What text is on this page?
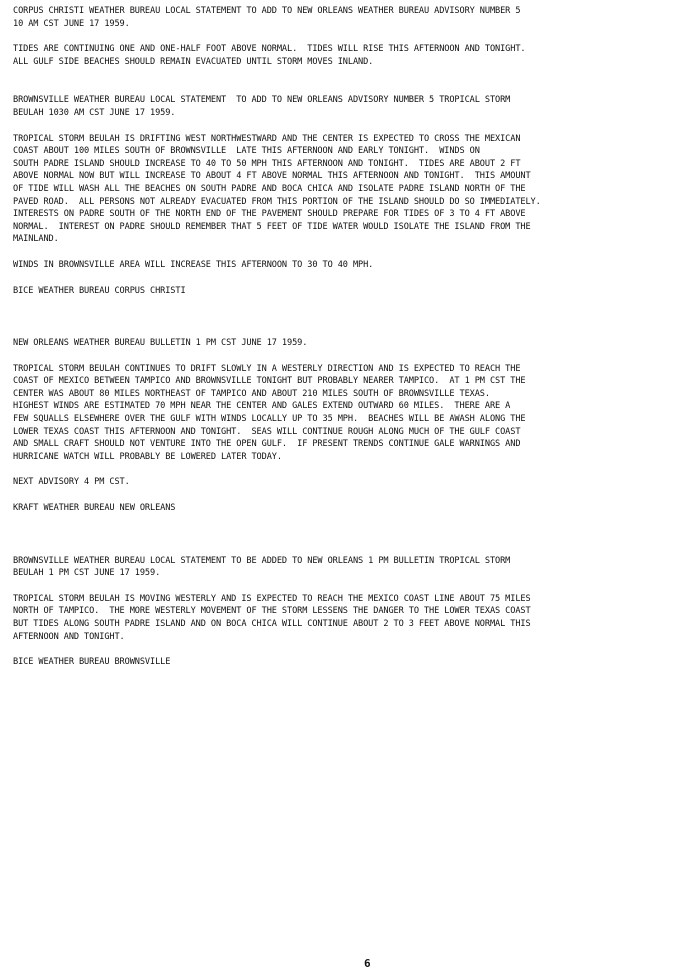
CORPUS CHRISTI WEATHER BUREAU LOCAL STATEMENT TO ADD TO NEW ORLEANS WEATHER BUREAU ADVISORY NUMBER 5

10 AM CST JUNE 17 1959.

TIDES ARE CONTINUING ONE AND ONE-HALF FOOT ABOVE NORMAL.  TIDES WILL RISE THIS AFTERNOON AND TONIGHT.

ALL GULF SIDE BEACHES SHOULD REMAIN EVACUATED UNTIL STORM MOVES INLAND.

BROWNSVILLE WEATHER BUREAU LOCAL STATEMENT  TO ADD TO NEW ORLEANS ADVISORY NUMBER 5 TROPICAL STORM

BEULAH 1030 AM CST JUNE 17 1959.

TROPICAL STORM BEULAH IS DRIFTING WEST NORTHWESTWARD AND THE CENTER IS EXPECTED TO CROSS THE MEXICAN

COAST ABOUT 100 MILES SOUTH OF BROWNSVILLE  LATE THIS AFTERNOON AND EARLY TONIGHT.  WINDS ON

SOUTH PADRE ISLAND SHOULD INCREASE TO 40 TO 50 MPH THIS AFTERNOON AND TONIGHT.  TIDES ARE ABOUT 2 FT

ABOVE NORMAL NOW BUT WILL INCREASE TO ABOUT 4 FT ABOVE NORMAL THIS AFTERNOON AND TONIGHT.  THIS AMOUNT

OF TIDE WILL WASH ALL THE BEACHES ON SOUTH PADRE AND BOCA CHICA AND ISOLATE PADRE ISLAND NORTH OF THE

PAVED ROAD.  ALL PERSONS NOT ALREADY EVACUATED FROM THIS PORTION OF THE ISLAND SHOULD DO SO IMMEDIATELY.

INTERESTS ON PADRE SOUTH OF THE NORTH END OF THE PAVEMENT SHOULD PREPARE FOR TIDES OF 3 TO 4 FT ABOVE

NORMAL.  INTEREST ON PADRE SHOULD REMEMBER THAT 5 FEET OF TIDE WATER WOULD ISOLATE THE ISLAND FROM THE

MAINLAND.

WINDS IN BROWNSVILLE AREA WILL INCREASE THIS AFTERNOON TO 30 TO 40 MPH.

BICE WEATHER BUREAU CORPUS CHRISTI

NEW ORLEANS WEATHER BUREAU BULLETIN 1 PM CST JUNE 17 1959.

TROPICAL STORM BEULAH CONTINUES TO DRIFT SLOWLY IN A WESTERLY DIRECTION AND IS EXPECTED TO REACH THE

COAST OF MEXICO BETWEEN TAMPICO AND BROWNSVILLE TONIGHT BUT PROBABLY NEARER TAMPICO.  AT 1 PM CST THE

CENTER WAS ABOUT 80 MILES NORTHEAST OF TAMPICO AND ABOUT 210 MILES SOUTH OF BROWNSVILLE TEXAS.

HIGHEST WINDS ARE ESTIMATED 70 MPH NEAR THE CENTER AND GALES EXTEND OUTWARD 60 MILES.  THERE ARE A

FEW SQUALLS ELSEWHERE OVER THE GULF WITH WINDS LOCALLY UP TO 35 MPH.  BEACHES WILL BE AWASH ALONG THE

LOWER TEXAS COAST THIS AFTERNOON AND TONIGHT.  SEAS WILL CONTINUE ROUGH ALONG MUCH OF THE GULF COAST

AND SMALL CRAFT SHOULD NOT VENTURE INTO THE OPEN GULF.  IF PRESENT TRENDS CONTINUE GALE WARNINGS AND

HURRICANE WATCH WILL PROBABLY BE LOWERED LATER TODAY.

NEXT ADVISORY 4 PM CST.

KRAFT WEATHER BUREAU NEW ORLEANS

BROWNSVILLE WEATHER BUREAU LOCAL STATEMENT TO BE ADDED TO NEW ORLEANS 1 PM BULLETIN TROPICAL STORM

BEULAH 1 PM CST JUNE 17 1959.

TROPICAL STORM BEULAH IS MOVING WESTERLY AND IS EXPECTED TO REACH THE MEXICO COAST LINE ABOUT 75 MILES

NORTH OF TAMPICO.  THE MORE WESTERLY MOVEMENT OF THE STORM LESSENS THE DANGER TO THE LOWER TEXAS COAST

BUT TIDES ALONG SOUTH PADRE ISLAND AND ON BOCA CHICA WILL CONTINUE ABOUT 2 TO 3 FEET ABOVE NORMAL THIS

AFTERNOON AND TONIGHT.

BICE WEATHER BUREAU BROWNSVILLE

6
